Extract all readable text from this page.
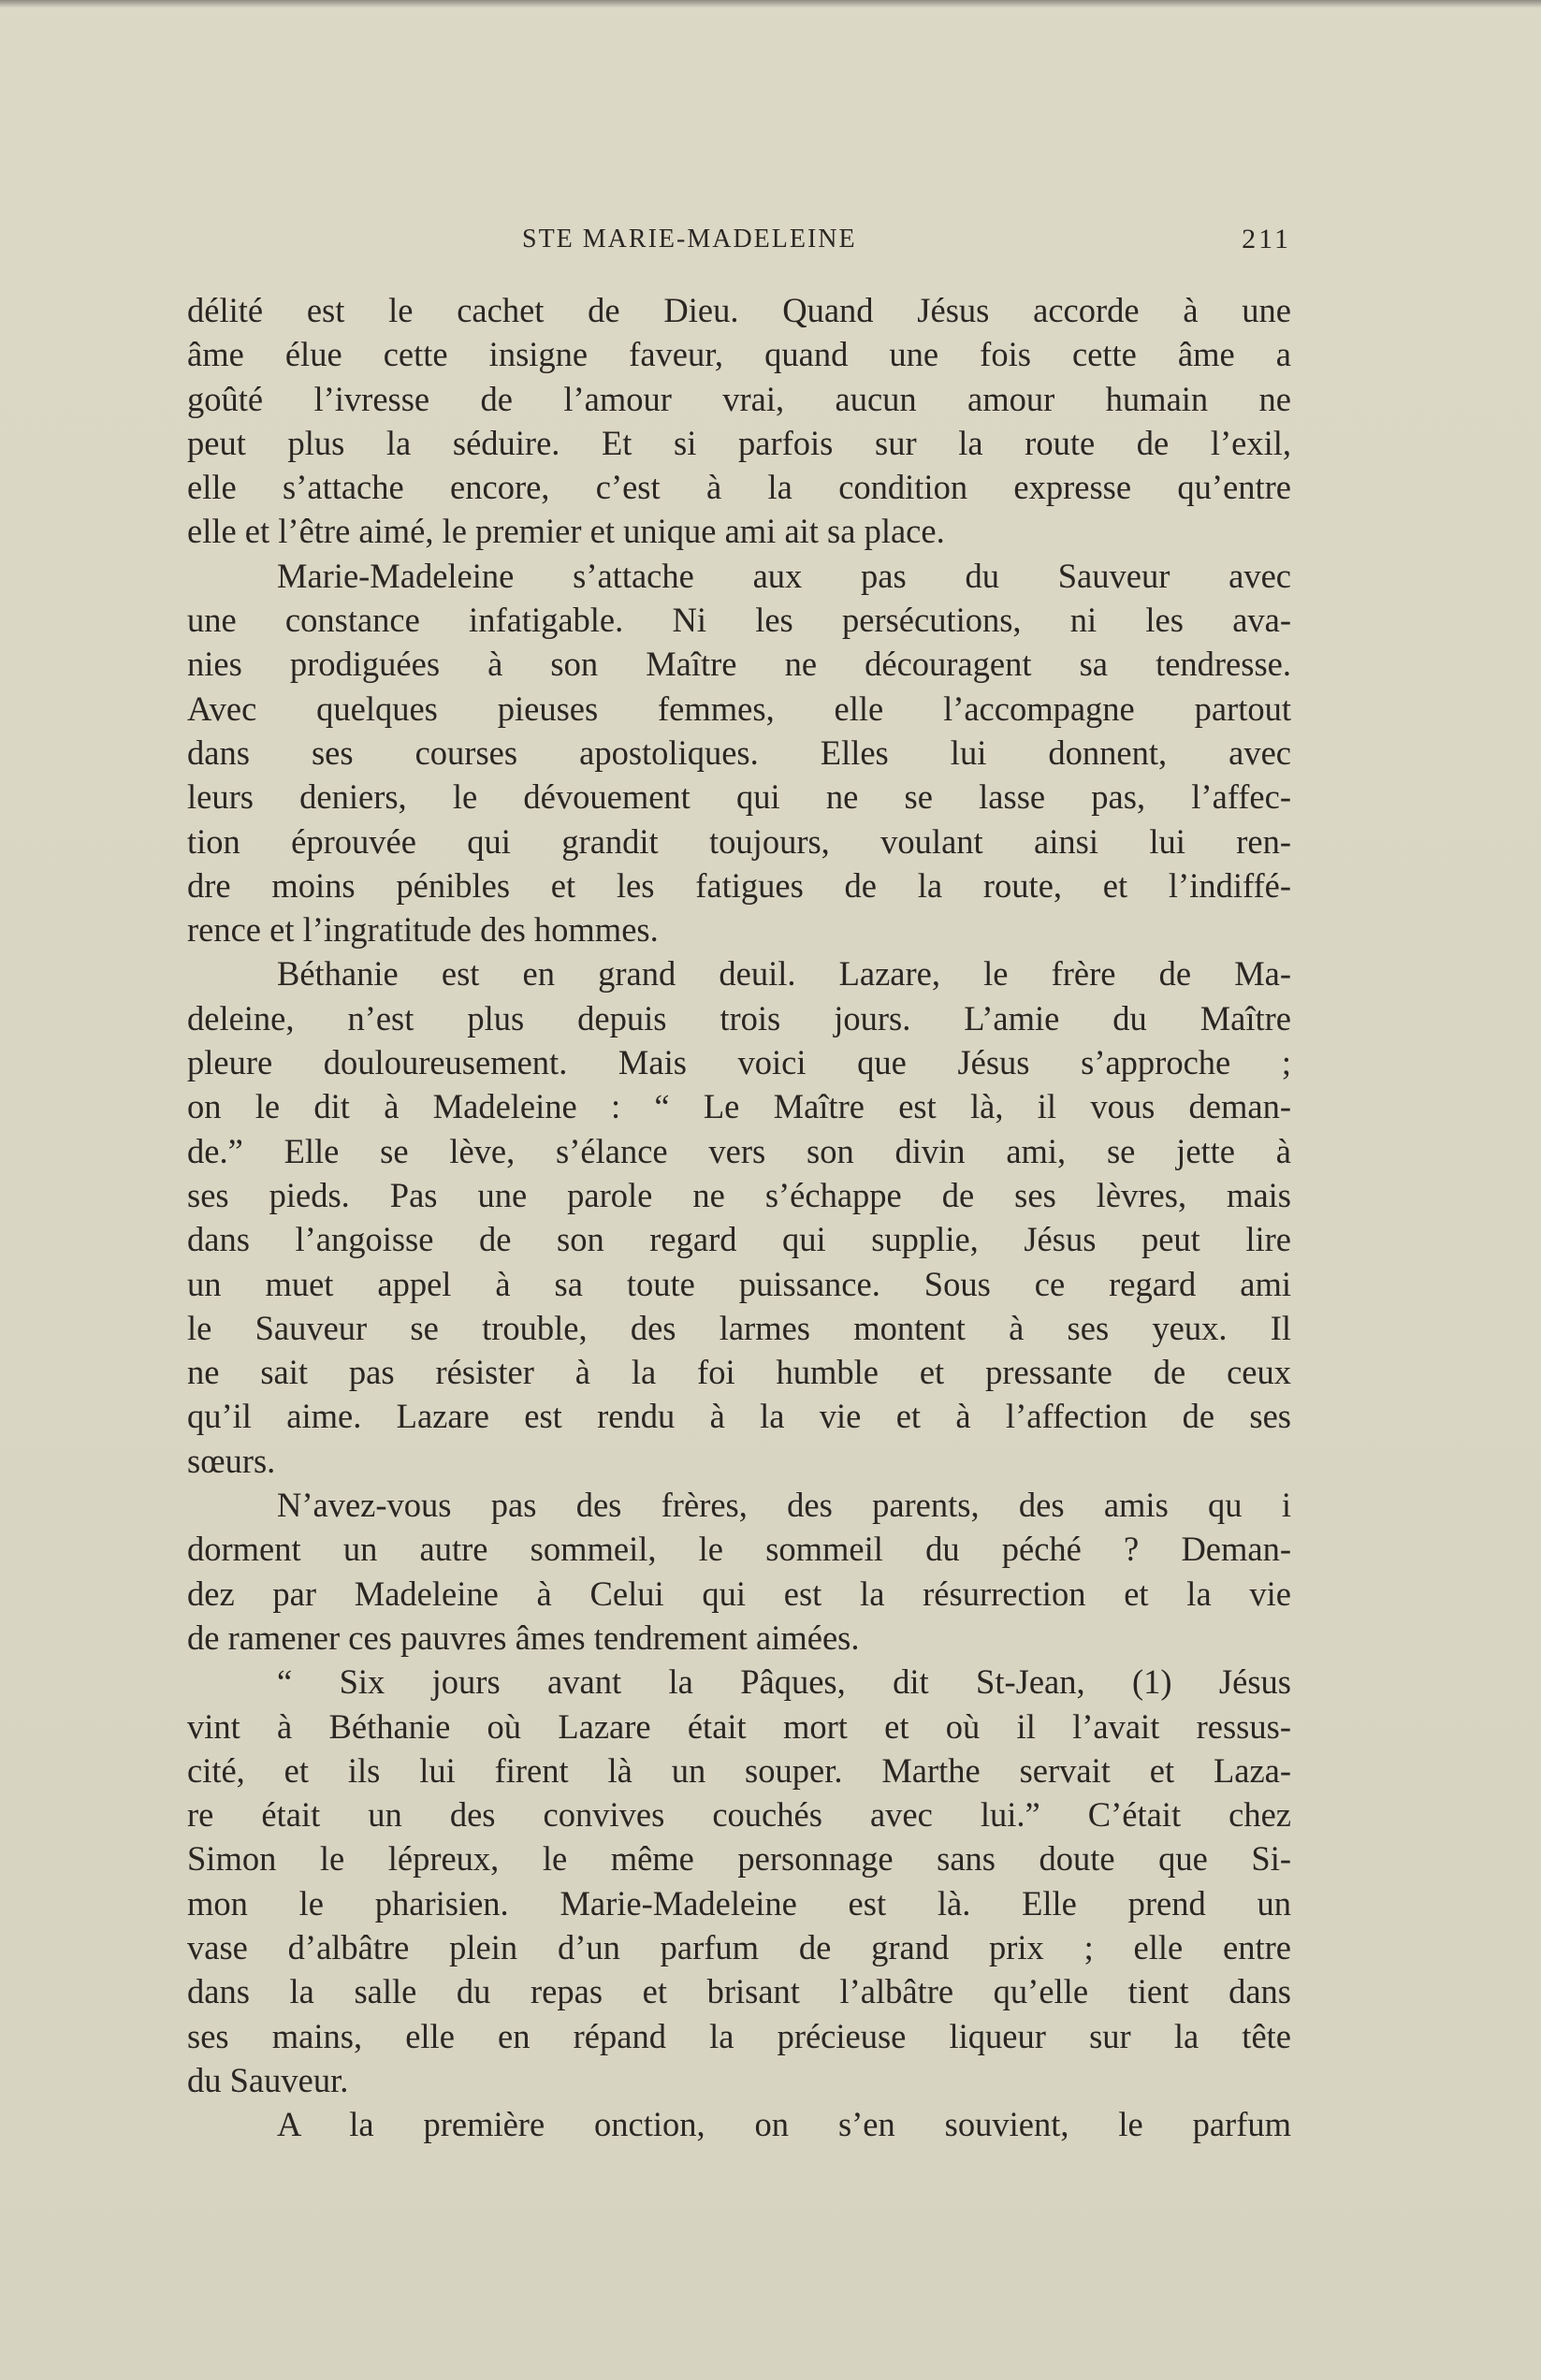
STE MARIE-MADELEINE	211
délité est le cachet de Dieu. Quand Jésus accorde à une
âme élue cette insigne faveur, quand une fois cette âme a
goûté l’ivresse de l’amour vrai, aucun amour humain ne
peut plus la séduire. Et si parfois sur la route de l’exil,
elle s’attache encore, c’est à la condition expresse qu’entre
elle et l’être aimé, le premier et unique ami ait sa place.
Marie-Madeleine s’attache aux pas du Sauveur avec
une constance infatigable. Ni les persécutions, ni les ava-
nies prodiguées à son Maître ne découragent sa tendresse.
Avec quelques pieuses femmes, elle l’accompagne partout
dans ses courses apostoliques. Elles lui donnent, avec
leurs deniers, le dévouement qui ne se lasse pas, l’affec-
tion éprouvée qui grandit toujours, voulant ainsi lui ren-
dre moins pénibles et les fatigues de la route, et l’indiffé-
rence et l’ingratitude des hommes.
Béthanie est en grand deuil. Lazare, le frère de Ma-
deleine, n’est plus depuis trois jours. L’amie du Maître
pleure douloureusement. Mais voici que Jésus s’approche ;
on le dit à Madeleine : “ Le Maître est là, il vous deman-
de.” Elle se lève, s’élance vers son divin ami, se jette à
ses pieds. Pas une parole ne s’échappe de ses lèvres, mais
dans l’angoisse de son regard qui supplie, Jésus peut lire
un muet appel à sa toute puissance. Sous ce regard ami
le Sauveur se trouble, des larmes montent à ses yeux. Il
ne sait pas résister à la foi humble et pressante de ceux
qu’il aime. Lazare est rendu à la vie et à l’affection de ses
sœurs.
N’avez-vous pas des frères, des parents, des amis qu i
dorment un autre sommeil, le sommeil du péché ? Deman-
dez par Madeleine à Celui qui est la résurrection et la vie
de ramener ces pauvres âmes tendrement aimées.
“ Six jours avant la Pâques, dit St-Jean, (1) Jésus
vint à Béthanie où Lazare était mort et où il l’avait ressus-
cité, et ils lui firent là un souper. Marthe servait et Laza-
re était un des convives couchés avec lui.” C’était chez
Simon le lépreux, le même personnage sans doute que Si-
mon le pharisien. Marie-Madeleine est là. Elle prend un
vase d’albâtre plein d’un parfum de grand prix ; elle entre
dans la salle du repas et brisant l’albâtre qu’elle tient dans
ses mains, elle en répand la précieuse liqueur sur la tête
du Sauveur.
A la première onction, on s’en souvient, le parfum
